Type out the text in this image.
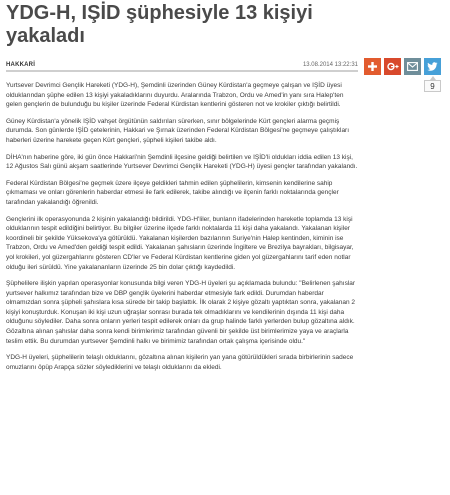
YDG-H, IŞİD şüphesiyle 13 kişiyi yakaladı
HAKKARİ	13.08.2014 13:22:31
9

Yurtsever Devrimci Gençlik Hareketi (YDG-H), Şemdinli üzerinden Güney Kürdistan'a geçmeye çalışan ve IŞİD üyesi olduklarından şüphe edilen 13 kişiyi yakaladıklarını duyurdu. Aralarında Trabzon, Ordu ve Amed'in yanı sıra Halep'ten gelen gençlerin de bulunduğu bu kişiler üzerinde Federal Kürdistan kentlerini gösteren not ve krokiler çıktığı belirtildi.

Güney Kürdistan'a yönelik IŞİD vahşet örgütünün saldırıları sürerken, sınır bölgelerinde Kürt gençleri alarma geçmiş durumda. Son günlerde IŞİD çetelerinin, Hakkari ve Şırnak üzerinden Federal Kürdistan Bölgesi'ne geçmeye çalıştıkları haberleri üzerine harekete geçen Kürt gençleri, şüpheli kişileri takibe aldı.

DİHA'nın haberine göre, iki gün önce Hakkari'nin Şemdinli ilçesine geldiği belirtilen ve IŞİD'li oldukları iddia edilen 13 kişi, 12 Ağustos Salı günü akşam saatlerinde Yurtsever Devrimci Gençlik Hareketi (YDG-H) üyesi gençler tarafından yakalandı.

Federal Kürdistan Bölgesi'ne geçmek üzere ilçeye geldikleri tahmin edilen şüphelilerin, kimsenin kendilerine sahip çıkmaması ve onları görenlerin haberdar etmesi ile fark edilerek, takibe alındığı ve ilçenin farklı noktalarında gençler tarafından yakalandığı öğrenildi.

Gençlerini ilk operasyonunda 2 kişinin yakalandığı bildirildi. YDG-H'liler, bunların ifadelerinden hareketle toplamda 13 kişi olduklarının tespit edildiğini belirtiyor. Bu bilgiler üzerine ilçede farklı noktalarda 11 kişi daha yakalandı. Yakalanan kişiler koordineli bir şekilde Yüksekova'ya götürüldü. Yakalanan kişilerden bazılarının Suriye'nin Halep kentinden, kiminin ise Trabzon, Ordu ve Amed'den geldiği tespit edildi. Yakalanan şahısların üzerinde İngiltere ve Brezilya bayrakları, bilgisayar, yol krokileri, yol güzergahlarını gösteren CD'ler ve Federal Kürdistan kentlerine giden yol güzergahlarını tarif eden notlar olduğu ileri sürüldü. Yine yakalananların üzerinde 25 bin dolar çıktığı kaydedildi.

Şüphelilere ilişkin yapılan operasyonlar konusunda bilgi veren YDG-H üyeleri şu açıklamada bulundu: "Belirlenen şahıslar yurtsever halkımız tarafından bize ve DBP gençlik üyelerini haberdar etmesiyle fark edildi. Durumdan haberdar olmamızdan sonra şüpheli şahıslara kısa sürede bir takip başlattık. İlk olarak 2 kişiye gözaltı yaptıktan sonra, yakalanan 2 kişiyi konuşturduk. Konuşan iki kişi uzun uğraşlar sonrası burada tek olmadıklarını ve kendilerinin dışında 11 kişi daha olduğunu söylediler. Daha sonra onların yerleri tespit edilerek onları da grup halinde farklı yerlerden bulup gözaltına aldık. Gözaltına alınan şahıslar daha sonra kendi birimlerimiz tarafından güvenli bir şekilde üst birimlerimize yaya ve araçlarla teslim ettik. Bu durumdan yurtsever Şemdinli halkı ve birimimiz tarafından ortak çalışma içerisinde oldu."

YDG-H üyeleri, şüphelilerin telaşlı olduklarını, gözaltına alınan kişilerin yan yana götürüldükleri sırada birbirlerinin sadece omuzlarını öpüp Arapça sözler söylediklerini ve telaşlı olduklarını da ekledi.
